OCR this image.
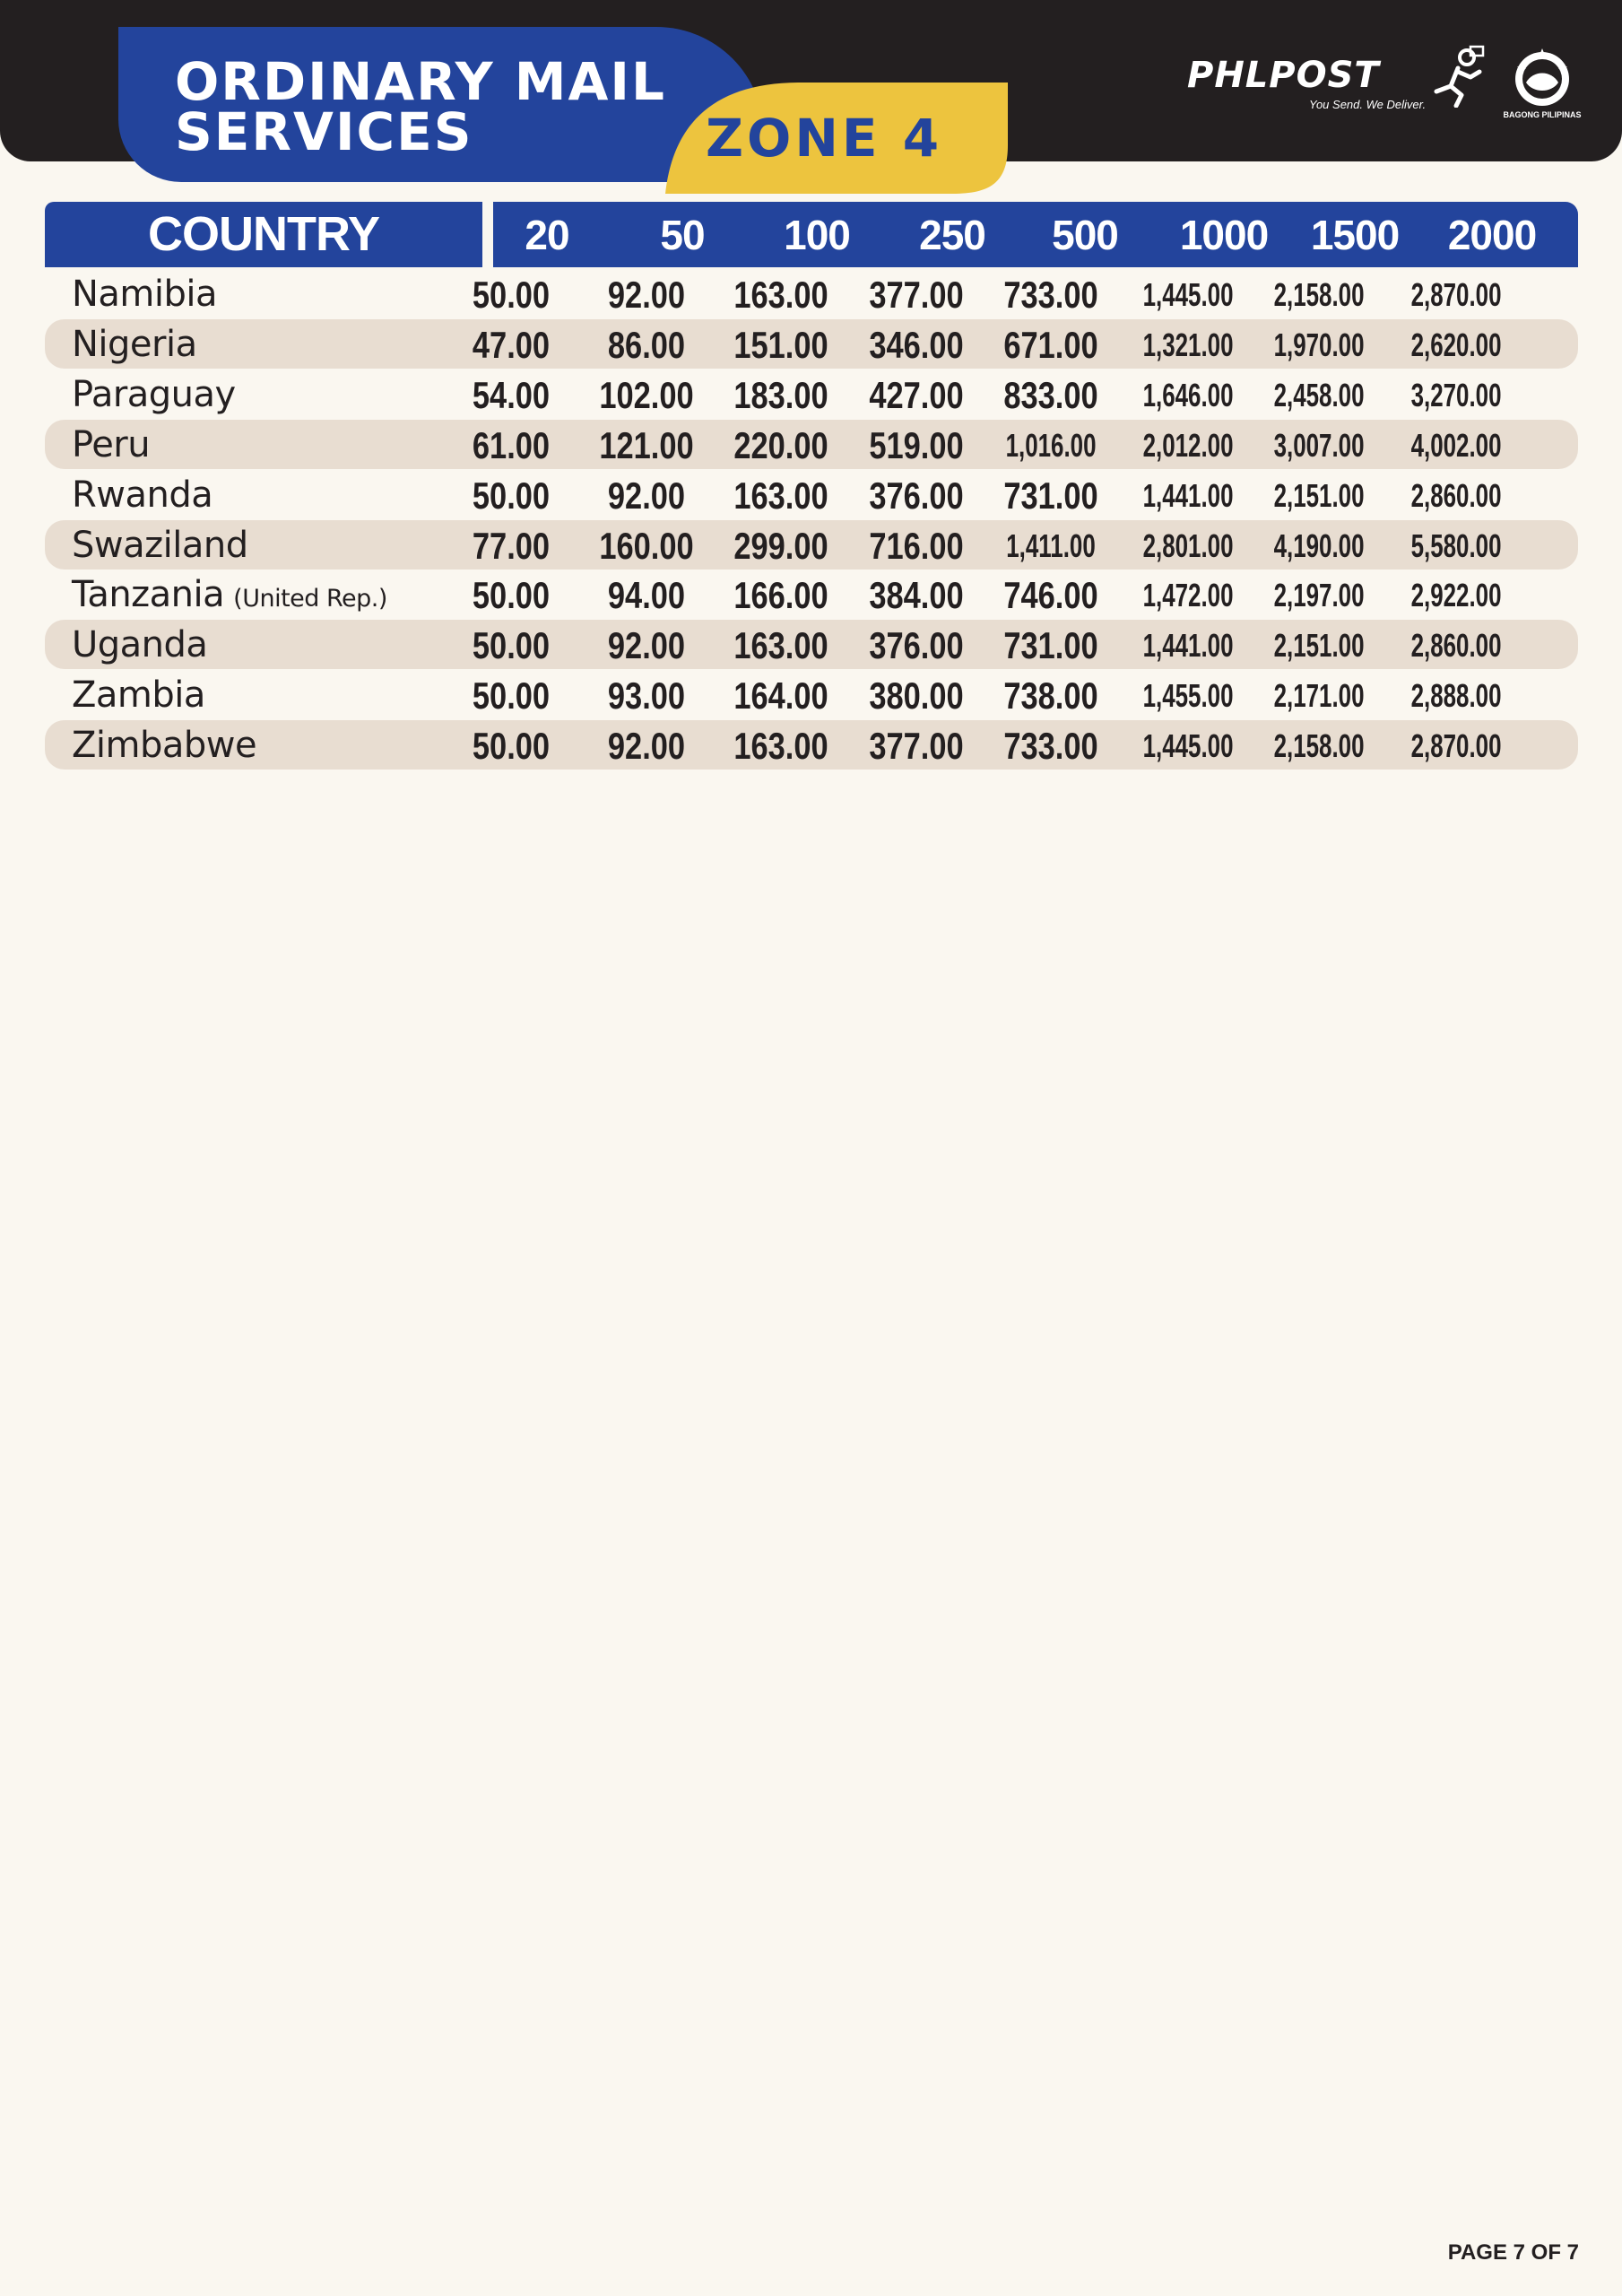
ORDINARY MAIL
SERVICES	ZONE 4
PHLPOST
You Send. We Deliver.
BAGONG PILIPINAS
COUNTRY	20	50	100	250	500	1000	1500	2000
Namibia	50.00	92.00	163.00 377.00 733.00 1,445.00 2,158.00 2,870.00
Nigeria	47.00	86.00	151.00 346.00 671.00 1,321.00 1,970.00 2,620.00
Paraguay	54.00	102.00 183.00 427.00 833.00 1,646.00 2,458.00 3,270.00
Peru	61.00	121.00 220.00 519.00 1,016.00 2,012.00 3,007.00 4,002.00
Rwanda	50.00	92.00	163.00 376.00 731.00 1,441.00 2,151.00 2,860.00
Swaziland	77.00	160.00 299.00 716.00 1,411.00 2,801.00 4,190.00 5,580.00
Tanzania (United Rep.)	50.00	94.00	166.00 384.00 746.00 1,472.00 2,197.00 2,922.00
Uganda	50.00	92.00	163.00 376.00 731.00 1,441.00 2,151.00 2,860.00
Zambia	50.00	93.00	164.00 380.00 738.00 1,455.00 2,171.00 2,888.00
Zimbabwe	50.00	92.00	163.00 377.00 733.00 1,445.00 2,158.00 2,870.00
PAGE 7 OF 7
